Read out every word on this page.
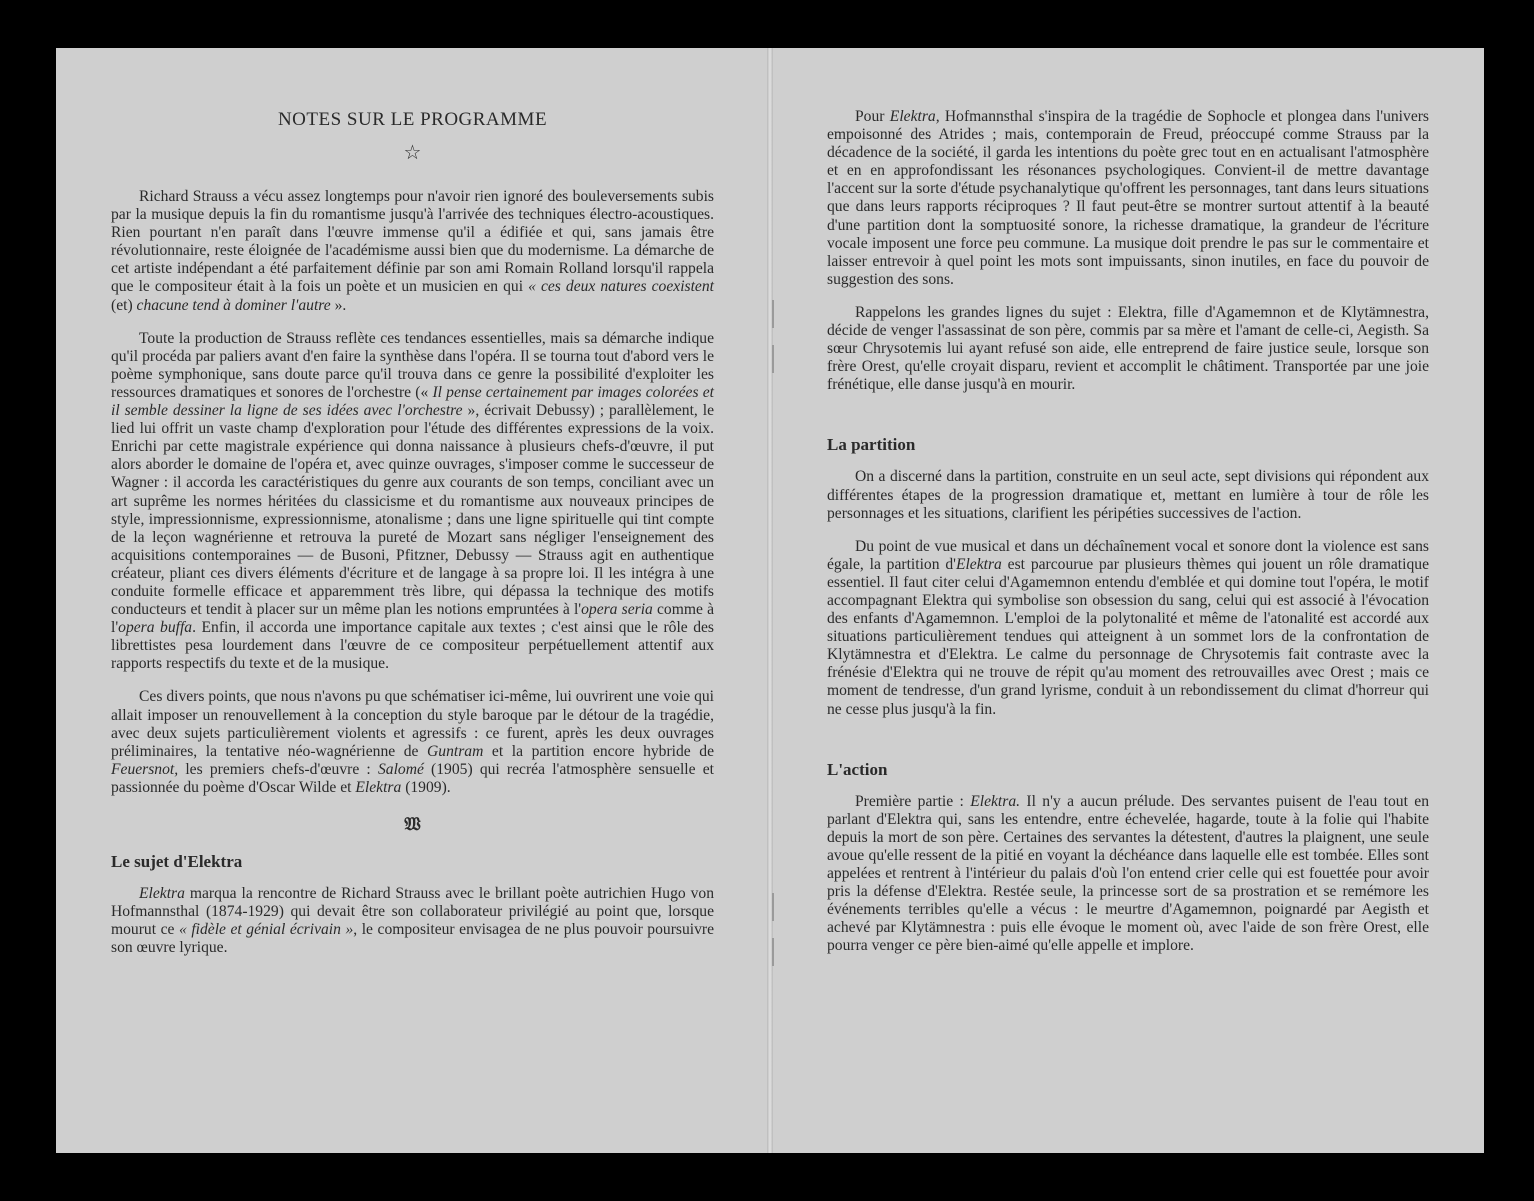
NOTES SUR LE PROGRAMME
☆

Richard Strauss a vécu assez longtemps pour n'avoir rien ignoré des bouleversements subis par la musique depuis la fin du romantisme jusqu'à l'arrivée des techniques électro-acoustiques. Rien pourtant n'en paraît dans l'œuvre immense qu'il a édifiée et qui, sans jamais être révolutionnaire, reste éloignée de l'académisme aussi bien que du modernisme. La démarche de cet artiste indépendant a été parfaitement définie par son ami Romain Rolland lorsqu'il rappela que le compositeur était à la fois un poète et un musicien en qui « ces deux natures coexistent (et) chacune tend à dominer l'autre ».

Toute la production de Strauss reflète ces tendances essentielles, mais sa démarche indique qu'il procéda par paliers avant d'en faire la synthèse dans l'opéra. Il se tourna tout d'abord vers le poème symphonique, sans doute parce qu'il trouva dans ce genre la possibilité d'exploiter les ressources dramatiques et sonores de l'orchestre (« Il pense certainement par images colorées et il semble dessiner la ligne de ses idées avec l'orchestre », écrivait Debussy) ; parallèlement, le lied lui offrit un vaste champ d'exploration pour l'étude des différentes expressions de la voix. Enrichi par cette magistrale expérience qui donna naissance à plusieurs chefs-d'œuvre, il put alors aborder le domaine de l'opéra et, avec quinze ouvrages, s'imposer comme le successeur de Wagner : il accorda les caractéristiques du genre aux courants de son temps, conciliant avec un art suprême les normes héritées du classicisme et du romantisme aux nouveaux principes de style, impressionnisme, expressionnisme, atonalisme ; dans une ligne spirituelle qui tint compte de la leçon wagnérienne et retrouva la pureté de Mozart sans négliger l'enseignement des acquisitions contemporaines — de Busoni, Pfitzner, Debussy — Strauss agit en authentique créateur, pliant ces divers éléments d'écriture et de langage à sa propre loi. Il les intégra à une conduite formelle efficace et apparemment très libre, qui dépassa la technique des motifs conducteurs et tendit à placer sur un même plan les notions empruntées à l'opera seria comme à l'opera buffa. Enfin, il accorda une importance capitale aux textes ; c'est ainsi que le rôle des librettistes pesa lourdement dans l'œuvre de ce compositeur perpétuellement attentif aux rapports respectifs du texte et de la musique.

Ces divers points, que nous n'avons pu que schématiser ici-même, lui ouvrirent une voie qui allait imposer un renouvellement à la conception du style baroque par le détour de la tragédie, avec deux sujets particulièrement violents et agressifs : ce furent, après les deux ouvrages préliminaires, la tentative néo-wagnérienne de Guntram et la partition encore hybride de Feuersnot, les premiers chefs-d'œuvre : Salomé (1905) qui recréa l'atmosphère sensuelle et passionnée du poème d'Oscar Wilde et Elektra (1909).

𝔚
Le sujet d'Elektra

Elektra marqua la rencontre de Richard Strauss avec le brillant poète autrichien Hugo von Hofmannsthal (1874-1929) qui devait être son collaborateur privilégié au point que, lorsque mourut ce « fidèle et génial écrivain », le compositeur envisagea de ne plus pouvoir poursuivre son œuvre lyrique.

Pour Elektra, Hofmannsthal s'inspira de la tragédie de Sophocle et plongea dans l'univers empoisonné des Atrides ; mais, contemporain de Freud, préoccupé comme Strauss par la décadence de la société, il garda les intentions du poète grec tout en en actualisant l'atmosphère et en en approfondissant les résonances psychologiques. Convient-il de mettre davantage l'accent sur la sorte d'étude psychanalytique qu'offrent les personnages, tant dans leurs situations que dans leurs rapports réciproques ? Il faut peut-être se montrer surtout attentif à la beauté d'une partition dont la somptuosité sonore, la richesse dramatique, la grandeur de l'écriture vocale imposent une force peu commune. La musique doit prendre le pas sur le commentaire et laisser entrevoir à quel point les mots sont impuissants, sinon inutiles, en face du pouvoir de suggestion des sons.

Rappelons les grandes lignes du sujet : Elektra, fille d'Agamemnon et de Klytämnestra, décide de venger l'assassinat de son père, commis par sa mère et l'amant de celle-ci, Aegisth. Sa sœur Chrysotemis lui ayant refusé son aide, elle entreprend de faire justice seule, lorsque son frère Orest, qu'elle croyait disparu, revient et accomplit le châtiment. Transportée par une joie frénétique, elle danse jusqu'à en mourir.

La partition

On a discerné dans la partition, construite en un seul acte, sept divisions qui répondent aux différentes étapes de la progression dramatique et, mettant en lumière à tour de rôle les personnages et les situations, clarifient les péripéties successives de l'action.

Du point de vue musical et dans un déchaînement vocal et sonore dont la violence est sans égale, la partition d'Elektra est parcourue par plusieurs thèmes qui jouent un rôle dramatique essentiel. Il faut citer celui d'Agamemnon entendu d'emblée et qui domine tout l'opéra, le motif accompagnant Elektra qui symbolise son obsession du sang, celui qui est associé à l'évocation des enfants d'Agamemnon. L'emploi de la polytonalité et même de l'atonalité est accordé aux situations particulièrement tendues qui atteignent à un sommet lors de la confrontation de Klytämnestra et d'Elektra. Le calme du personnage de Chrysotemis fait contraste avec la frénésie d'Elektra qui ne trouve de répit qu'au moment des retrouvailles avec Orest ; mais ce moment de tendresse, d'un grand lyrisme, conduit à un rebondissement du climat d'horreur qui ne cesse plus jusqu'à la fin.

L'action

Première partie : Elektra. Il n'y a aucun prélude. Des servantes puisent de l'eau tout en parlant d'Elektra qui, sans les entendre, entre échevelée, hagarde, toute à la folie qui l'habite depuis la mort de son père. Certaines des servantes la détestent, d'autres la plaignent, une seule avoue qu'elle ressent de la pitié en voyant la déchéance dans laquelle elle est tombée. Elles sont appelées et rentrent à l'intérieur du palais d'où l'on entend crier celle qui est fouettée pour avoir pris la défense d'Elektra. Restée seule, la princesse sort de sa prostration et se remémore les événements terribles qu'elle a vécus : le meurtre d'Agamemnon, poignardé par Aegisth et achevé par Klytämnestra : puis elle évoque le moment où, avec l'aide de son frère Orest, elle pourra venger ce père bien-aimé qu'elle appelle et implore.
